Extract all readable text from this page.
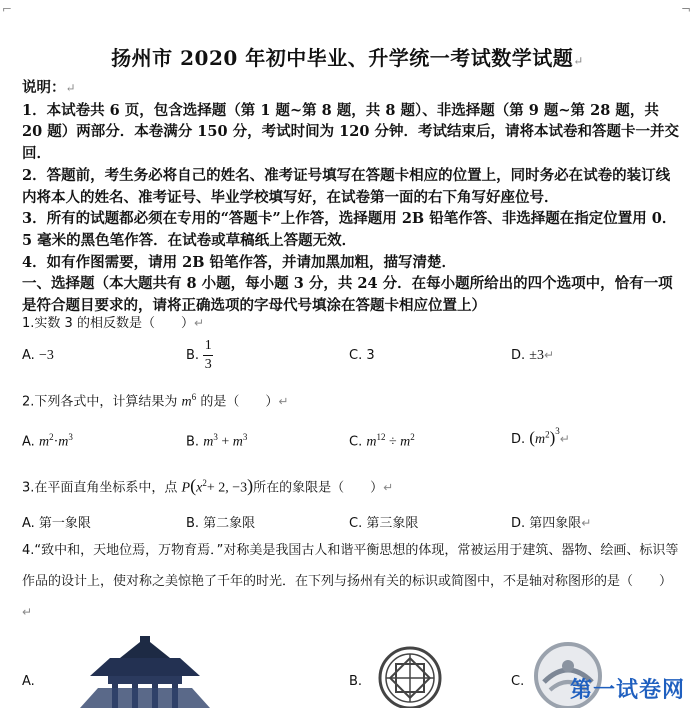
⌐	¬
扬州市 2020 年初中毕业、升学统一考试数学试题↵
说明：↵
1．本试卷共 6 页，包含选择题（第 1 题~第 8 题，共 8 题）、非选择题（第 9 题~第 28 题，共 20 题）两部分．本卷满分 150 分，考试时间为 120 分钟．考试结束后，请将本试卷和答题卡一并交回．
2．答题前，考生务必将自己的姓名、准考证号填写在答题卡相应的位置上，同时务必在试卷的装订线内将本人的姓名、准考证号、毕业学校填写好，在试卷第一面的右下角写好座位号．
3．所有的试题都必须在专用的“答题卡”上作答，选择题用 2B 铅笔作答、非选择题在指定位置用 0．5 毫米的黑色笔作答．在试卷或草稿纸上答题无效．
4．如有作图需要，请用 2B 铅笔作答，并请加黑加粗，描写清楚．
一、选择题（本大题共有 8 小题，每小题 3 分，共 24 分．在每小题所给出的四个选项中，恰有一项是符合题目要求的，请将正确选项的字母代号填涂在答题卡相应位置上）
1.实数 3 的相反数是（　　）↵
A. −3	B. $\frac{1}{3}$	C. 3	D. ±3↵
2.下列各式中，计算结果为 $m^6$ 的是（　　）↵
A. $m^2\cdot m^3$	B. $m^3 + m^3$	C. $m^{12} \div m^2$	D. $(m^2)^3↵$
3.在平面直角坐标系中，点 $P(x^2+ 2$, −3)所在的象限是（　　）↵
A. 第一象限	B. 第二象限	C. 第三象限	D. 第四象限↵
4.“致中和，天地位焉，万物育焉．”对称美是我国古人和谐平衡思想的体现，常被运用于建筑、器物、绘画、标识等作品的设计上，使对称之美惊艳了千年的时光．在下列与扬州有关的标识或简图中，不是轴对称图形的是（　　）↵
A.	B.	C. 第一试卷网
